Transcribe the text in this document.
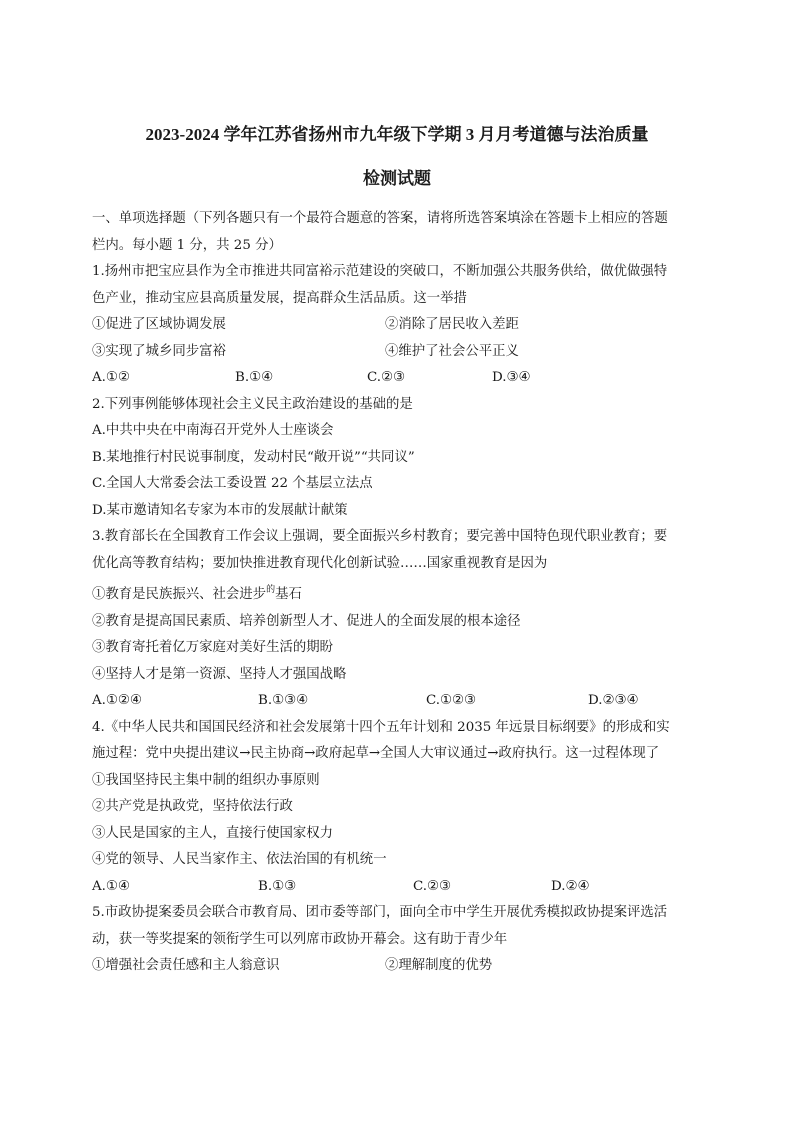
2023-2024 学年江苏省扬州市九年级下学期 3 月月考道德与法治质量
检测试题
一、单项选择题（下列各题只有一个最符合题意的答案，请将所选答案填涂在答题卡上相应的答题
栏内。每小题 1 分，共 25 分）
1.扬州市把宝应县作为全市推进共同富裕示范建设的突破口，不断加强公共服务供给，做优做强特
色产业，推动宝应县高质量发展，提高群众生活品质。这一举措
①促进了区域协调发展	②消除了居民收入差距
③实现了城乡同步富裕	④维护了社会公平正义
A.①②	B.①④	C.②③	D.③④
2.下列事例能够体现社会主义民主政治建设的基础的是
A.中共中央在中南海召开党外人士座谈会
B.某地推行村民说事制度，发动村民“敞开说”“共同议”
C.全国人大常委会法工委设置 22 个基层立法点
D.某市邀请知名专家为本市的发展献计献策
3.教育部长在全国教育工作会议上强调，要全面振兴乡村教育；要完善中国特色现代职业教育；要
优化高等教育结构；要加快推进教育现代化创新试验……国家重视教育是因为
①教育是民族振兴、社会进步$^的$基石
②教育是提高国民素质、培养创新型人才、促进人的全面发展的根本途径
③教育寄托着亿万家庭对美好生活的期盼
④坚持人才是第一资源、坚持人才强国战略
A.①②④	B.①③④	C.①②③	D.②③④
4.《中华人民共和国国民经济和社会发展第十四个五年计划和 2035 年远景目标纲要》的形成和实
施过程：党中央提出建议→民主协商→政府起草→全国人大审议通过→政府执行。这一过程体现了
①我国坚持民主集中制的组织办事原则
②共产党是执政党，坚持依法行政
③人民是国家的主人，直接行使国家权力
④党的领导、人民当家作主、依法治国的有机统一
A.①④	B.①③	C.②③	D.②④
5.市政协提案委员会联合市教育局、团市委等部门，面向全市中学生开展优秀模拟政协提案评选活
动，获一等奖提案的领衔学生可以列席市政协开幕会。这有助于青少年
①增强社会责任感和主人翁意识	②理解制度的优势
